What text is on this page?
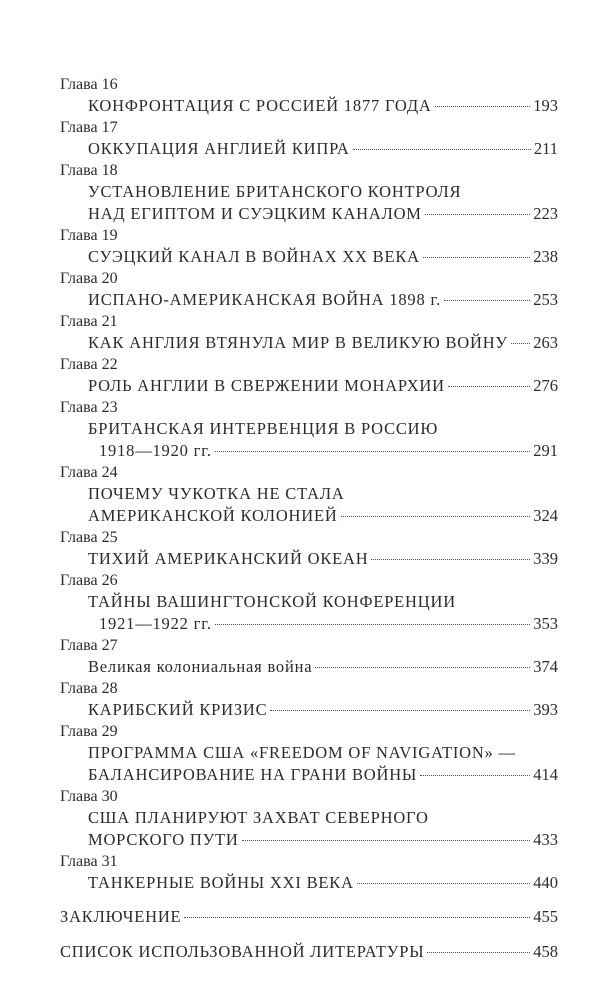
Глава 16
КОНФРОНТАЦИЯ С РОССИЕЙ 1877 ГОДА	193
Глава 17
ОККУПАЦИЯ АНГЛИЕЙ КИПРА	211
Глава 18
УСТАНОВЛЕНИЕ БРИТАНСКОГО КОНТРОЛЯ
НАД ЕГИПТОМ И СУЭЦКИМ КАНАЛОМ	223
Глава 19
СУЭЦКИЙ КАНАЛ В ВОЙНАХ XX ВЕКА	238
Глава 20
ИСПАНО-АМЕРИКАНСКАЯ ВОЙНА 1898 г.	253
Глава 21
КАК АНГЛИЯ ВТЯНУЛА МИР В ВЕЛИКУЮ ВОЙНУ 263
Глава 22
РОЛЬ АНГЛИИ В СВЕРЖЕНИИ МОНАРХИИ	276
Глава 23
БРИТАНСКАЯ ИНТЕРВЕНЦИЯ В РОССИЮ
1918—1920 гг.	291
Глава 24
ПОЧЕМУ ЧУКОТКА НЕ СТАЛА
АМЕРИКАНСКОЙ КОЛОНИЕЙ	324
Глава 25
ТИХИЙ АМЕРИКАНСКИЙ ОКЕАН	339
Глава 26
ТАЙНЫ ВАШИНГТОНСКОЙ КОНФЕРЕНЦИИ
1921—1922 гг.	353
Глава 27
Великая колониальная война	374
Глава 28
КАРИБСКИЙ КРИЗИС	393
Глава 29
ПРОГРАММА США «FREEDOM OF NAVIGATION» —
БАЛАНСИРОВАНИЕ НА ГРАНИ ВОЙНЫ	414
Глава 30
США ПЛАНИРУЮТ ЗАХВАТ СЕВЕРНОГО
МОРСКОГО ПУТИ	433
Глава 31
ТАНКЕРНЫЕ ВОЙНЫ XXI ВЕКА	440
ЗАКЛЮЧЕНИЕ	455
СПИСОК ИСПОЛЬЗОВАННОЙ ЛИТЕРАТУРЫ	458
